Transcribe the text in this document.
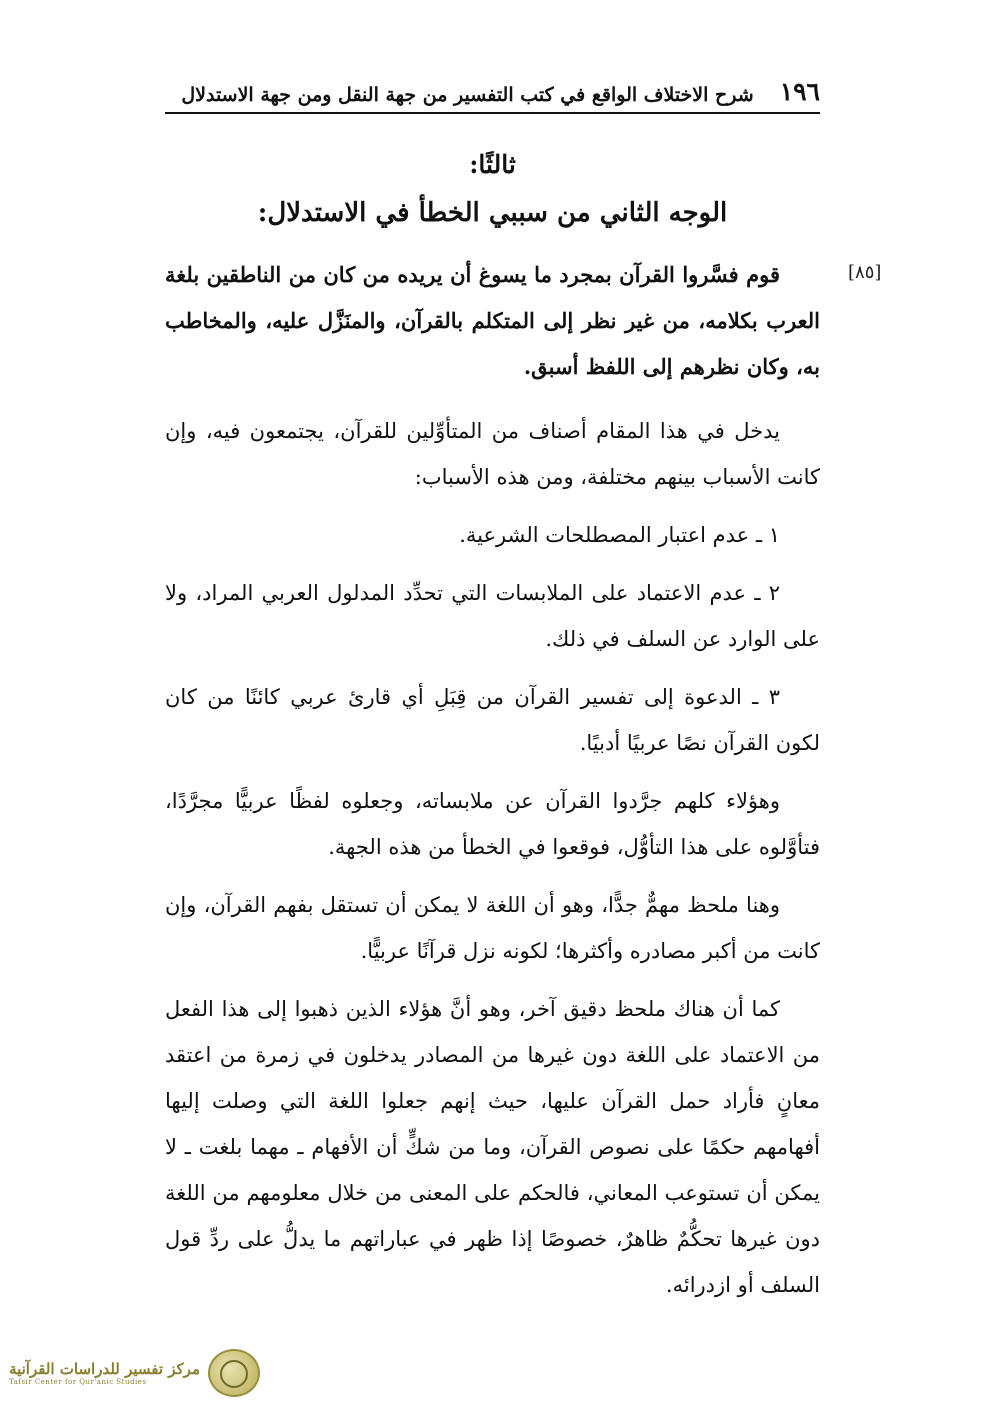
١٩٦
شرح الاختلاف الواقع في كتب التفسير من جهة النقل ومن جهة الاستدلال
ثالثًا:
الوجه الثاني من سببي الخطأ في الاستدلال:
[٨٥]

قوم فسَّروا القرآن بمجرد ما يسوغ أن يريده من كان من الناطقين بلغة العرب بكلامه، من غير نظر إلى المتكلم بالقرآن، والمنَزَّل عليه، والمخاطب به، وكان نظرهم إلى اللفظ أسبق.

يدخل في هذا المقام أصناف من المتأوِّلين للقرآن، يجتمعون فيه، وإن كانت الأسباب بينهم مختلفة، ومن هذه الأسباب:

١ ـ عدم اعتبار المصطلحات الشرعية.

٢ ـ عدم الاعتماد على الملابسات التي تحدِّد المدلول العربي المراد، ولا على الوارد عن السلف في ذلك.

٣ ـ الدعوة إلى تفسير القرآن من قِبَلِ أي قارئ عربي كائنًا من كان لكون القرآن نصًا عربيًا أدبيًا.

وهؤلاء كلهم جرَّدوا القرآن عن ملابساته، وجعلوه لفظًا عربيًّا مجرَّدًا، فتأوَّلوه على هذا التأوُّل، فوقعوا في الخطأ من هذه الجهة.

وهنا ملحظ مهمٌّ جدًّا، وهو أن اللغة لا يمكن أن تستقل بفهم القرآن، وإن كانت من أكبر مصادره وأكثرها؛ لكونه نزل قرآنًا عربيًّا.

كما أن هناك ملحظ دقيق آخر، وهو أنَّ هؤلاء الذين ذهبوا إلى هذا الفعل من الاعتماد على اللغة دون غيرها من المصادر يدخلون في زمرة من اعتقد معانٍ فأراد حمل القرآن عليها، حيث إنهم جعلوا اللغة التي وصلت إليها أفهامهم حكمًا على نصوص القرآن، وما من شكٍّ أن الأفهام ـ مهما بلغت ـ لا يمكن أن تستوعب المعاني، فالحكم على المعنى من خلال معلومهم من اللغة دون غيرها تحكُّمٌ ظاهرٌ، خصوصًا إذا ظهر في عباراتهم ما يدلُّ على ردِّ قول السلف أو ازدرائه.

مركز تفسير للدراسات القرآنية
Tafsir Center for Qur'anic Studies
